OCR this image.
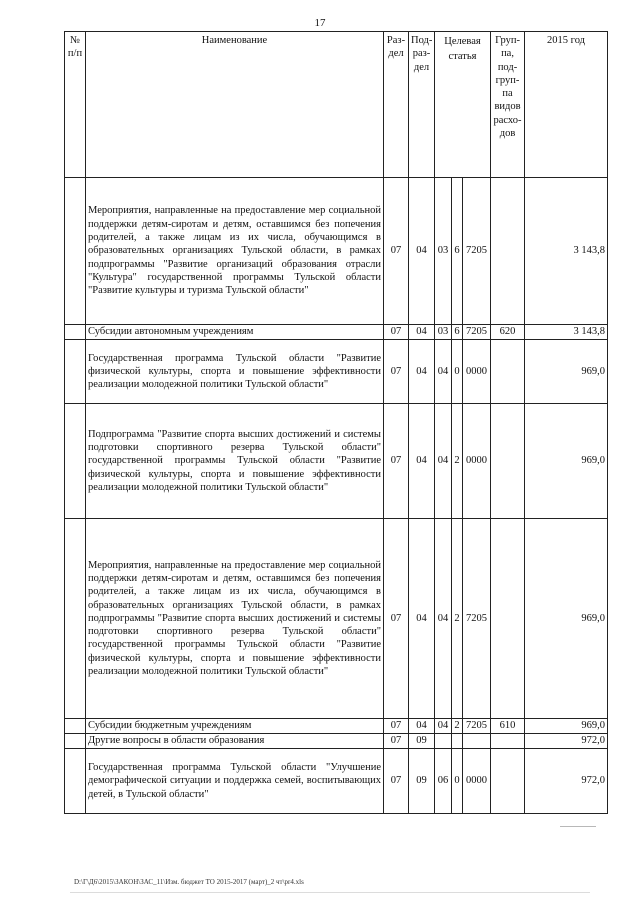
17
№ п/п	Наименование	Раз-дел	Под-раз-дел	Целевая статья			Груп-па, под-груп-па видов расхо-дов	2015 год
	Мероприятия, направленные на предоставление мер социальной поддержки детям-сиротам и детям, оставшимся без попечения родителей, а также лицам из их числа, обучающимся в образовательных организациях Тульской области, в рамках подпрограммы "Развитие организаций образования отрасли "Культура" государственной программы Тульской области "Развитие культуры и туризма Тульской области"	07	04	03	6	7205		3 143,8
	Субсидии автономным учреждениям	07	04	03	6	7205	620	3 143,8
	Государственная программа Тульской области "Развитие физической культуры, спорта и повышение эффективности реализации молодежной политики Тульской области"	07	04	04	0	0000		969,0
	Подпрограмма "Развитие спорта высших достижений и системы подготовки спортивного резерва Тульской области" государственной программы Тульской области "Развитие физической культуры, спорта и повышение эффективности реализации молодежной политики Тульской области"	07	04	04	2	0000		969,0
	Мероприятия, направленные на предоставление мер социальной поддержки детям-сиротам и детям, оставшимся без попечения родителей, а также лицам из их числа, обучающимся в образовательных организациях Тульской области, в рамках подпрограммы "Развитие спорта высших достижений и системы подготовки спортивного резерва Тульской области" государственной программы Тульской области "Развитие физической культуры, спорта и повышение эффективности реализации молодежной политики Тульской области"	07	04	04	2	7205		969,0
	Субсидии бюджетным учреждениям	07	04	04	2	7205	610	969,0
	Другие вопросы в области образования	07	09					972,0
	Государственная программа Тульской области "Улучшение демографической ситуации и поддержка семей, воспитывающих детей, в Тульской области"	07	09	06	0	0000		972,0
D:\Г\Д6\2015\ЗАКОН\ЗАС_11\Изм. бюджет ТО 2015-2017 (март)_2 чт\pr4.xls
